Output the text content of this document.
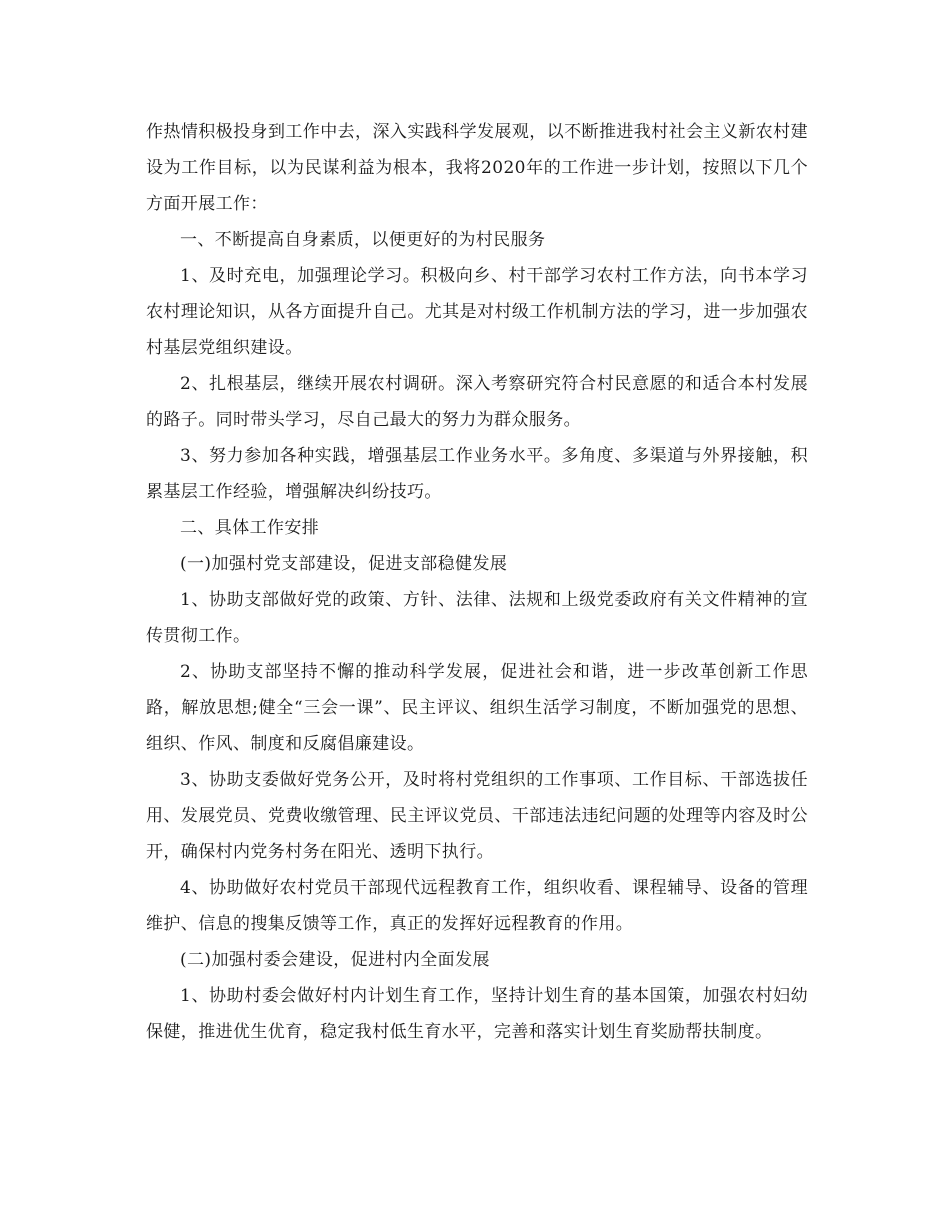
作热情积极投身到工作中去，深入实践科学发展观，以不断推进我村社会主义新农村建设为工作目标，以为民谋利益为根本，我将2020年的工作进一步计划，按照以下几个方面开展工作：

一、不断提高自身素质，以便更好的为村民服务

1、及时充电，加强理论学习。积极向乡、村干部学习农村工作方法，向书本学习农村理论知识，从各方面提升自己。尤其是对村级工作机制方法的学习，进一步加强农村基层党组织建设。

2、扎根基层，继续开展农村调研。深入考察研究符合村民意愿的和适合本村发展的路子。同时带头学习，尽自己最大的努力为群众服务。

3、努力参加各种实践，增强基层工作业务水平。多角度、多渠道与外界接触，积累基层工作经验，增强解决纠纷技巧。

二、具体工作安排

(一)加强村党支部建设，促进支部稳健发展

1、协助支部做好党的政策、方针、法律、法规和上级党委政府有关文件精神的宣传贯彻工作。

2、协助支部坚持不懈的推动科学发展，促进社会和谐，进一步改革创新工作思路，解放思想;健全“三会一课”、民主评议、组织生活学习制度，不断加强党的思想、组织、作风、制度和反腐倡廉建设。

3、协助支委做好党务公开，及时将村党组织的工作事项、工作目标、干部选拔任用、发展党员、党费收缴管理、民主评议党员、干部违法违纪问题的处理等内容及时公开，确保村内党务村务在阳光、透明下执行。

4、协助做好农村党员干部现代远程教育工作，组织收看、课程辅导、设备的管理维护、信息的搜集反馈等工作，真正的发挥好远程教育的作用。

(二)加强村委会建设，促进村内全面发展

1、协助村委会做好村内计划生育工作，坚持计划生育的基本国策，加强农村妇幼保健，推进优生优育，稳定我村低生育水平，完善和落实计划生育奖励帮扶制度。
